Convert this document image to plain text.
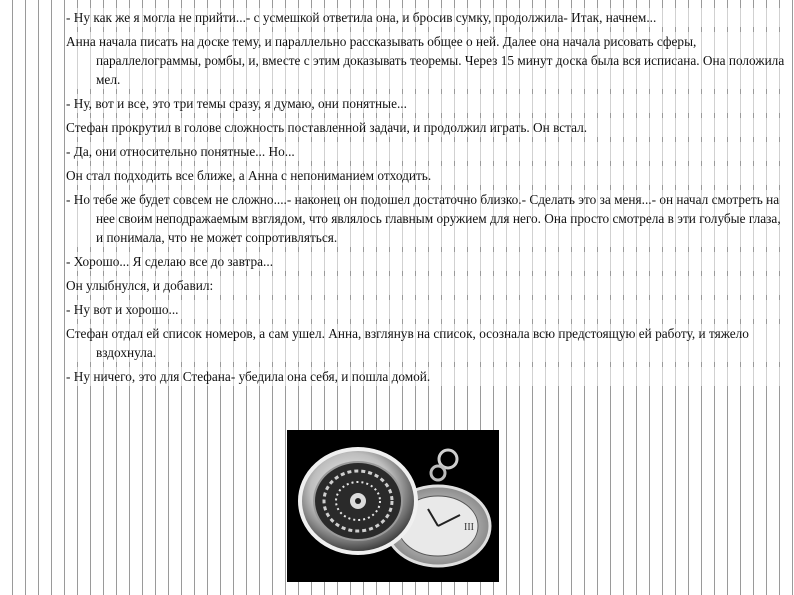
- Ну как же я могла не прийти...- с усмешкой ответила она, и бросив сумку, продолжила- Итак, начнем...

Анна начала писать на доске тему, и параллельно рассказывать общее о ней. Далее она начала рисовать сферы, параллелограммы, ромбы, и, вместе с этим доказывать теоремы. Через 15 минут доска была вся исписана. Она положила мел.

- Ну, вот и все, это три темы сразу, я думаю, они понятные...

Стефан прокрутил в голове сложность поставленной задачи, и продолжил играть. Он встал.

- Да, они относительно понятные... Но...

Он стал подходить все ближе, а Анна с непониманием отходить.

- Но тебе же будет совсем не сложно....- наконец он подошел достаточно близко.- Сделать это за меня...- он начал смотреть на нее своим неподражаемым взглядом, что являлось главным оружием для него. Она просто смотрела в эти голубые глаза, и понимала, что не может сопротивляться.

- Хорошо... Я сделаю все до завтра...

Он улыбнулся, и добавил:

- Ну вот и хорошо...

Стефан отдал ей список номеров, а сам ушел. Анна, взглянув на список, осознала всю предстоящую ей работу, и тяжело вздохнула.

- Ну ничего, это для Стефана- убедила она себя, и пошла домой.

III
